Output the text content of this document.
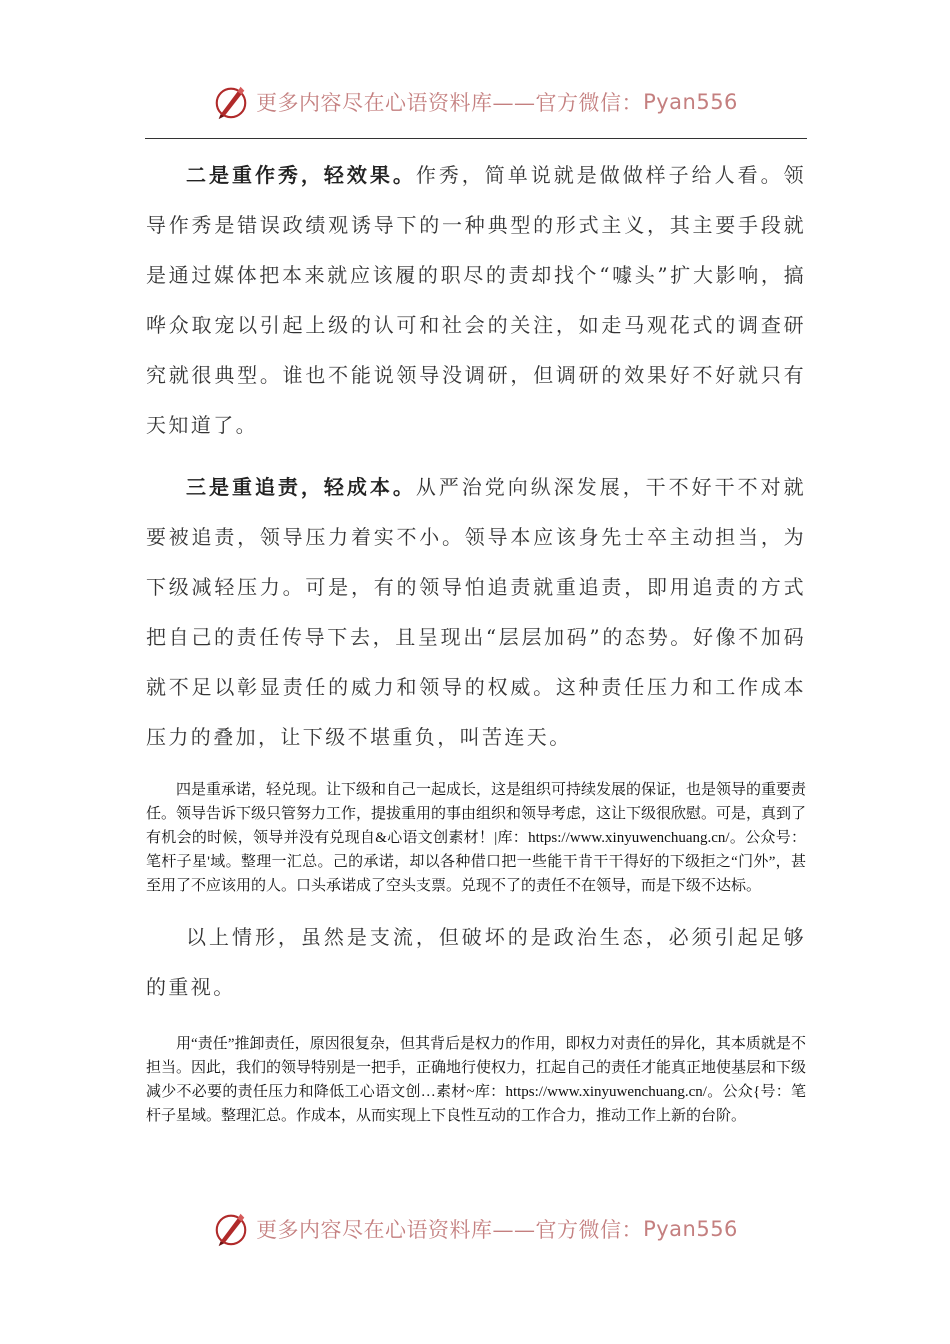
更多内容尽在心语资料库——官方微信： Pyan556

二是重作秀，轻效果。作秀，简单说就是做做样子给人看。领导作秀是错误政绩观诱导下的一种典型的形式主义，其主要手段就是通过媒体把本来就应该履的职尽的责却找个“噱头”扩大影响，搞哗众取宠以引起上级的认可和社会的关注，如走马观花式的调查研究就很典型。谁也不能说领导没调研，但调研的效果好不好就只有天知道了。

三是重追责，轻成本。从严治党向纵深发展，干不好干不对就要被追责，领导压力着实不小。领导本应该身先士卒主动担当，为下级减轻压力。可是，有的领导怕追责就重追责，即用追责的方式把自己的责任传导下去，且呈现出“层层加码”的态势。好像不加码就不足以彰显责任的威力和领导的权威。这种责任压力和工作成本压力的叠加，让下级不堪重负，叫苦连天。

四是重承诺，轻兑现。让下级和自己一起成长，这是组织可持续发展的保证，也是领导的重要责任。领导告诉下级只管努力工作，提拔重用的事由组织和领导考虑，这让下级很欣慰。可是，真到了有机会的时候，领导并没有兑现自&心语文创素材！|库：https://www.xinyuwenchuang.cn/。公众号：笔杆子星'域。整理一汇总。己的承诺，却以各种借口把一些能干肯干干得好的下级拒之“门外”，甚至用了不应该用的人。口头承诺成了空头支票。兑现不了的责任不在领导，而是下级不达标。

以上情形，虽然是支流，但破坏的是政治生态，必须引起足够的重视。

用“责任”推卸责任，原因很复杂，但其背后是权力的作用，即权力对责任的异化，其本质就是不担当。因此，我们的领导特别是一把手，正确地行使权力，扛起自己的责任才能真正地使基层和下级减少不必要的责任压力和降低工心语文创…素材~库：https://www.xinyuwenchuang.cn/。公众{号：笔杆子星域。整理汇总。作成本，从而实现上下良性互动的工作合力，推动工作上新的台阶。

更多内容尽在心语资料库——官方微信： Pyan556
